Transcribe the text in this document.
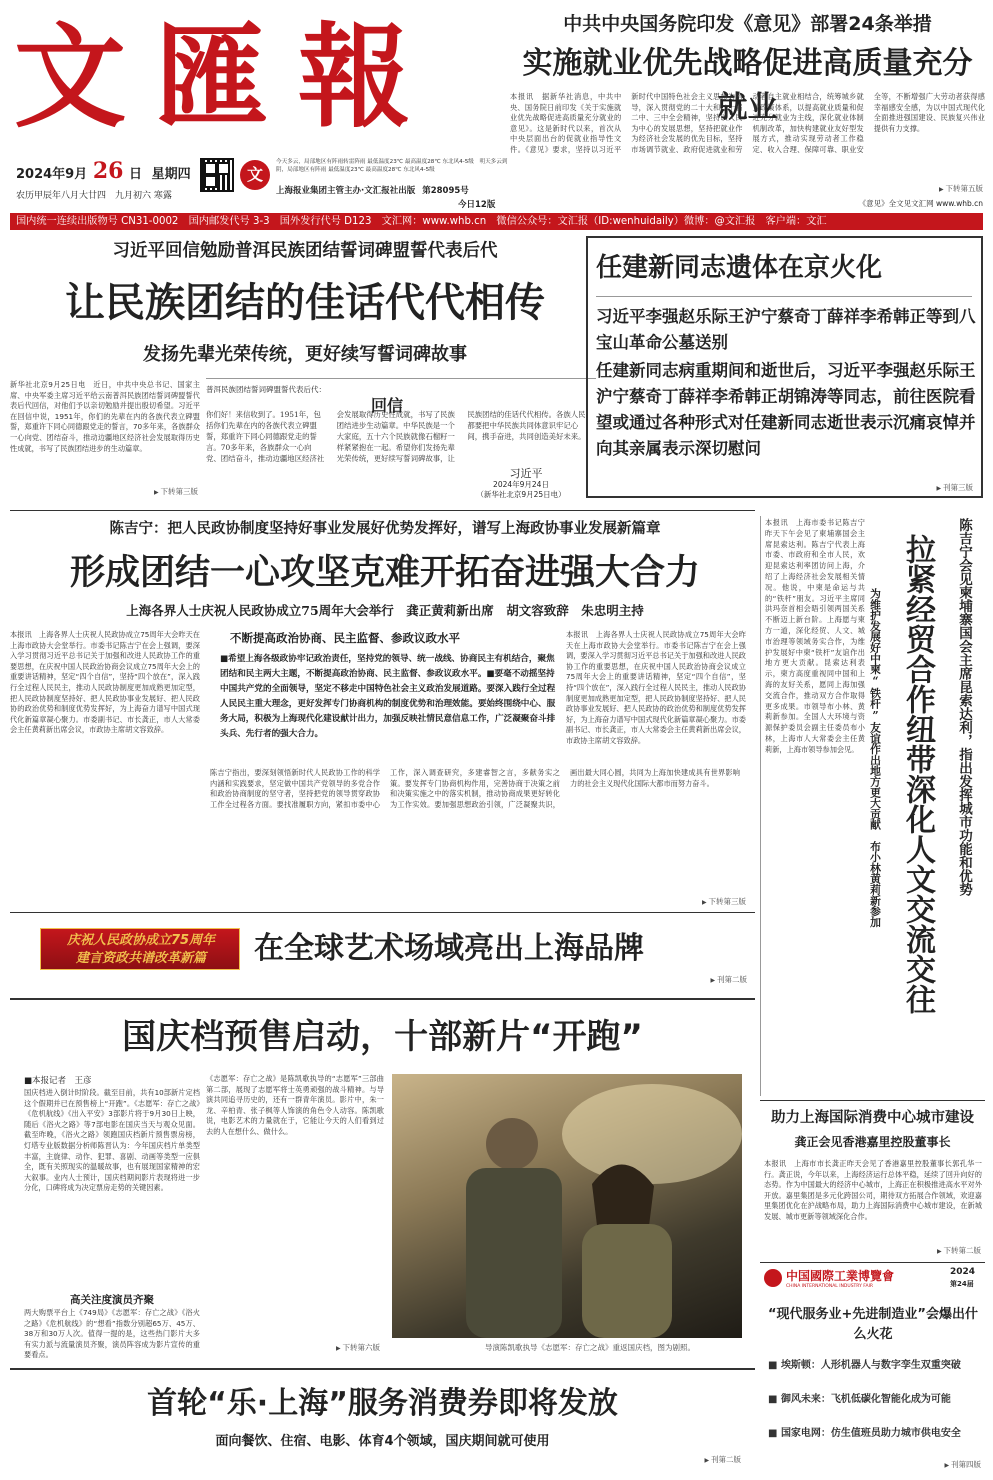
文匯報
2024年9月 26 日 星期四
农历甲辰年八月大廿四　九月初六 寒露
文
今天多云，局部地区有阵雨转雷阵雨 最低温度23℃ 最高温度28℃ 东北风4-5级　明天多云到阴，局部地区有阵雨 最低温度23℃ 最高温度28℃ 东北风4-5级
上海报业集团主管主办·文汇报社出版 第28095号
今日12版
中共中央国务院印发《意见》部署24条举措
实施就业优先战略促进高质量充分就业
本报讯　据新华社消息，中共中央、国务院日前印发《关于实施就业优先战略促进高质量充分就业的意见》。这是新时代以来，首次从中央层面出台的促就业指导性文件。《意见》要求，坚持以习近平新时代中国特色社会主义思想为指导，深入贯彻党的二十大和二十届二中、三中全会精神，坚持以人民为中心的发展思想，坚持把就业作为经济社会发展的优先目标，坚持市场调节就业、政府促进就业和劳动者自主就业相结合，统筹城乡就业政策体系，以提高就业质量和促进充分就业为主线，深化就业体制机制改革，加快构建就业友好型发展方式，推动实现劳动者工作稳定、收入合理、保障可靠、职业安全等，不断增强广大劳动者获得感幸福感安全感，为以中国式现代化全面推进强国建设、民族复兴伟业提供有力支撑。
▶ 下转第五版
《意见》全文见文汇网 www.whb.cn
国内统一连续出版物号 CN31-0002　国内邮发代号 3-3　国外发行代号 D123　文汇网：www.whb.cn　微信公众号：文汇报（ID:wenhuidaily）微博：@文汇报　客户端：文汇
习近平回信勉励普洱民族团结誓词碑盟誓代表后代
让民族团结的佳话代代相传
发扬先辈光荣传统，更好续写誓词碑故事
新华社北京9月25日电　近日，中共中央总书记、国家主席、中央军委主席习近平给云南普洱民族团结誓词碑盟誓代表后代回信，对他们予以亲切勉励并提出殷切希望。习近平在回信中说，1951年，你们的先辈在内的各族代表立碑盟誓，郑重许下同心同德跟党走的誓言，70多年来，各族群众一心向党、团结奋斗，推动边疆地区经济社会发展取得历史性成就，书写了民族团结进步的生动篇章。
▶ 下转第三版
普洱民族团结誓词碑盟誓代表后代：
回信
你们好！来信收到了。1951年，包括你们先辈在内的各族代表立碑盟誓，郑重许下同心同德跟党走的誓言。70多年来，各族群众一心向党、团结奋斗，推动边疆地区经济社会发展取得历史性成就，书写了民族团结进步生动篇章。中华民族是一个大家庭，五十六个民族就像石榴籽一样紧紧抱在一起。希望你们发扬先辈光荣传统，更好续写誓词碑故事，让民族团结的佳话代代相传。各族人民都要把中华民族共同体意识牢记心间，携手奋进，共同创造美好未来。
习近平
2024年9月24日
（新华社北京9月25日电）
任建新同志遗体在京火化
习近平李强赵乐际王沪宁蔡奇丁薛祥李希韩正等到八宝山革命公墓送别
任建新同志病重期间和逝世后，习近平李强赵乐际王沪宁蔡奇丁薛祥李希韩正胡锦涛等同志，前往医院看望或通过各种形式对任建新同志逝世表示沉痛哀悼并向其亲属表示深切慰问
▶ 刊第三版
陈吉宁：把人民政协制度坚持好事业发展好优势发挥好，谱写上海政协事业发展新篇章
形成团结一心攻坚克难开拓奋进强大合力
上海各界人士庆祝人民政协成立75周年大会举行　龚正黄莉新出席　胡文容致辞　朱忠明主持
本报讯　上海各界人士庆祝人民政协成立75周年大会昨天在上海市政协大会堂举行。市委书记陈吉宁在会上强调，要深入学习贯彻习近平总书记关于加强和改进人民政协工作的重要思想，在庆祝中国人民政治协商会议成立75周年大会上的重要讲话精神，坚定“四个自信”，坚持“四个放在”，深入践行全过程人民民主，推动人民政协制度更加成熟更加定型，把人民政协制度坚持好、把人民政协事业发展好、把人民政协的政治优势和制度优势发挥好，为上海奋力谱写中国式现代化新篇章凝心聚力。市委副书记、市长龚正，市人大常委会主任黄莉新出席会议，市政协主席胡文容致辞。
不断提高政治协商、民主监督、参政议政水平
■希望上海各级政协牢记政治责任，坚持党的领导、统一战线、协商民主有机结合，聚焦团结和民主两大主题，不断提高政治协商、民主监督、参政议政水平。■要毫不动摇坚持中国共产党的全面领导，坚定不移走中国特色社会主义政治发展道路。要深入践行全过程人民民主重大理念，更好发挥专门协商机构的制度优势和治理效能。要始终围绕中心、服务大局，积极为上海现代化建设献计出力，加强反映社情民意信息工作，广泛凝聚奋斗排头兵、先行者的强大合力。
陈吉宁指出，要深刻领悟新时代人民政协工作的科学内涵和实践要求，坚定做中国共产党领导的多党合作和政治协商制度的坚守者，坚持把党的领导贯穿政协工作全过程各方面。要找准履职方向，紧扣市委中心工作，深入调查研究，多建睿智之言，多献务实之策。要发挥专门协商机构作用，完善协商于决策之前和决策实施之中的落实机制，推动协商成果更好转化为工作实效。要加强思想政治引领，广泛凝聚共识，画出最大同心圆，共同为上海加快建成具有世界影响力的社会主义现代化国际大都市而努力奋斗。
本报讯　上海各界人士庆祝人民政协成立75周年大会昨天在上海市政协大会堂举行。市委书记陈吉宁在会上强调，要深入学习贯彻习近平总书记关于加强和改进人民政协工作的重要思想，在庆祝中国人民政治协商会议成立75周年大会上的重要讲话精神，坚定“四个自信”，坚持“四个放在”，深入践行全过程人民民主，推动人民政协制度更加成熟更加定型，把人民政协制度坚持好、把人民政协事业发展好、把人民政协的政治优势和制度优势发挥好，为上海奋力谱写中国式现代化新篇章凝心聚力。市委副书记、市长龚正，市人大常委会主任黄莉新出席会议，市政协主席胡文容致辞。
▶ 下转第三版
本报讯　上海市委书记陈吉宁昨天下午会见了柬埔寨国会主席昆索达利。陈吉宁代表上海市委、市政府和全市人民，欢迎昆索达利率团访问上海，介绍了上海经济社会发展相关情况。他说，中柬是命运与共的“铁杆”朋友。习近平主席同洪玛奈首相会晤引领两国关系不断迈上新台阶。上海愿与柬方一道，深化经贸、人文、城市治理等领域务实合作，为维护发展好中柬“铁杆”友谊作出地方更大贡献。昆索达利表示，柬方高度重视同中国和上海的友好关系，愿同上海加强交流合作，推动双方合作取得更多成果。市领导布小林、黄莉新参加。全国人大环境与资源保护委员会副主任委员布小林，上海市人大常委会主任黄莉新，上海市领导参加会见。 为维护发展好中柬“铁杆”友谊作出地方更大贡献　布小林黄莉新参加 拉紧经贸合作纽带深化人文交流交往	陈吉宁会见柬埔寨国会主席昆索达利，指出发挥城市功能和优势
庆祝人民政协成立75周年
建言资政共谱改革新篇	在全球艺术场域亮出上海品牌
▶ 刊第二版
国庆档预售启动，十部新片“开跑”
■本报记者　王彦
国庆档进入倒计时阶段。截至目前，共有10部新片定档这个假期并已在预售榜上“开跑”。《志愿军：存亡之战》《危机航线》《出入平安》3部影片将于9月30日上映，随后《浴火之路》等7部电影在国庆当天与观众见面。截至昨晚，《浴火之路》领跑国庆档新片预售票房榜，灯塔专业版数据分析师陈晋认为：今年国庆档片单类型丰富，主旋律、动作、犯罪、喜剧、动画等类型一应俱全，既有关照现实的温暖故事，也有展现国家精神的宏大叙事。业内人士预计，国庆档期间影片表现将进一步分化，口碑将成为决定票房走势的关键因素。
高关注度演员齐聚
两大购票平台上《749局》《志愿军：存亡之战》《浴火之路》《危机航线》的“想看”指数分别超65万、45万、38万和30万人次。值得一提的是，这些热门影片大多有实力派与流量演员齐聚，演员阵容成为影片宣传的重要看点。
《志愿军：存亡之战》是陈凯歌执导的“志愿军”三部曲第二部，展现了志愿军将士英勇顽强的战斗精神。与导演共同追寻历史的，还有一群青年演员。影片中，朱一龙、辛柏青、张子枫等人饰演的角色令人动容。陈凯歌说，电影艺术的力量就在于，它能让今天的人们看到过去的人在想什么、做什么。
▶ 下转第六版	导演陈凯歌执导《志愿军：存亡之战》重返国庆档，图为剧照。
助力上海国际消费中心城市建设
龚正会见香港嘉里控股董事长
本报讯　上海市市长龚正昨天会见了香港嘉里控股董事长郭孔华一行。龚正说，今年以来，上海经济运行总体平稳，延续了回升向好的态势。作为中国最大的经济中心城市，上海正在积极推进高水平对外开放。嘉里集团是多元化跨国公司，期待双方拓展合作领域，欢迎嘉里集团优化在沪战略布局，助力上海国际消费中心城市建设，在新城发展、城市更新等领域深化合作。
▶ 下转第二版
中国國際工業博覽會
CHINA INTERNATIONAL INDUSTRY FAIR
2024
第24届
“现代服务业+先进制造业”会爆出什么火花
■ 埃斯顿：人形机器人与数字孪生双重突破
■ 御风未来：飞机低碳化智能化成为可能
■ 国家电网：仿生值班员助力城市供电安全
▶ 刊第四版
首轮“乐·上海”服务消费券即将发放
面向餐饮、住宿、电影、体育4个领域，国庆期间就可使用
▶ 刊第二版
